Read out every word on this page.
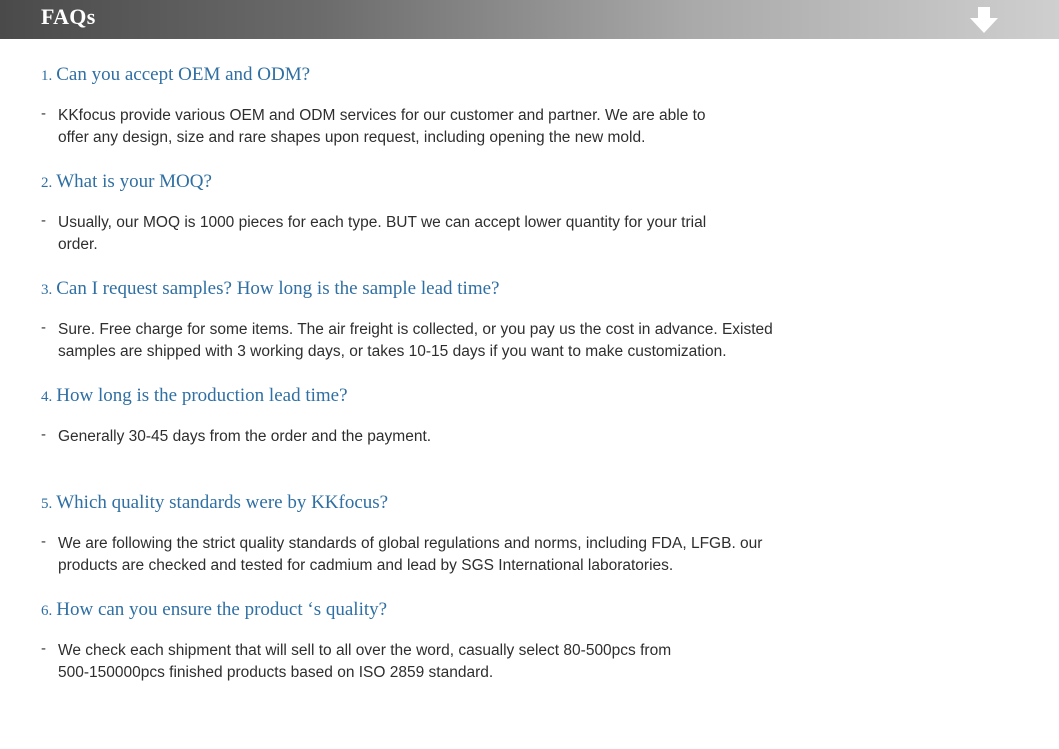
FAQs
1. Can you accept OEM and ODM?
- KKfocus provide various OEM and ODM services for our customer and partner. We are able to
offer any design, size and rare shapes upon request, including opening the new mold.
2. What is your MOQ?
- Usually, our MOQ is 1000 pieces for each type. BUT we can accept lower quantity for your trial
order.
3. Can I request samples? How long is the sample lead time?
- Sure. Free charge for some items. The air freight is collected, or you pay us the cost in advance. Existed
samples are shipped with 3 working days, or takes 10-15 days if you want to make customization.
4. How long is the production lead time?
- Generally 30-45 days from the order and the payment.
5. Which quality standards were by KKfocus?
- We are following the strict quality standards of global regulations and norms, including FDA, LFGB. our
products are checked and tested for cadmium and lead by SGS International laboratories.
6. How can you ensure the product ‘s quality?
- We check each shipment that will sell to all over the word, casually select 80-500pcs from
500-150000pcs finished products based on ISO 2859 standard.
